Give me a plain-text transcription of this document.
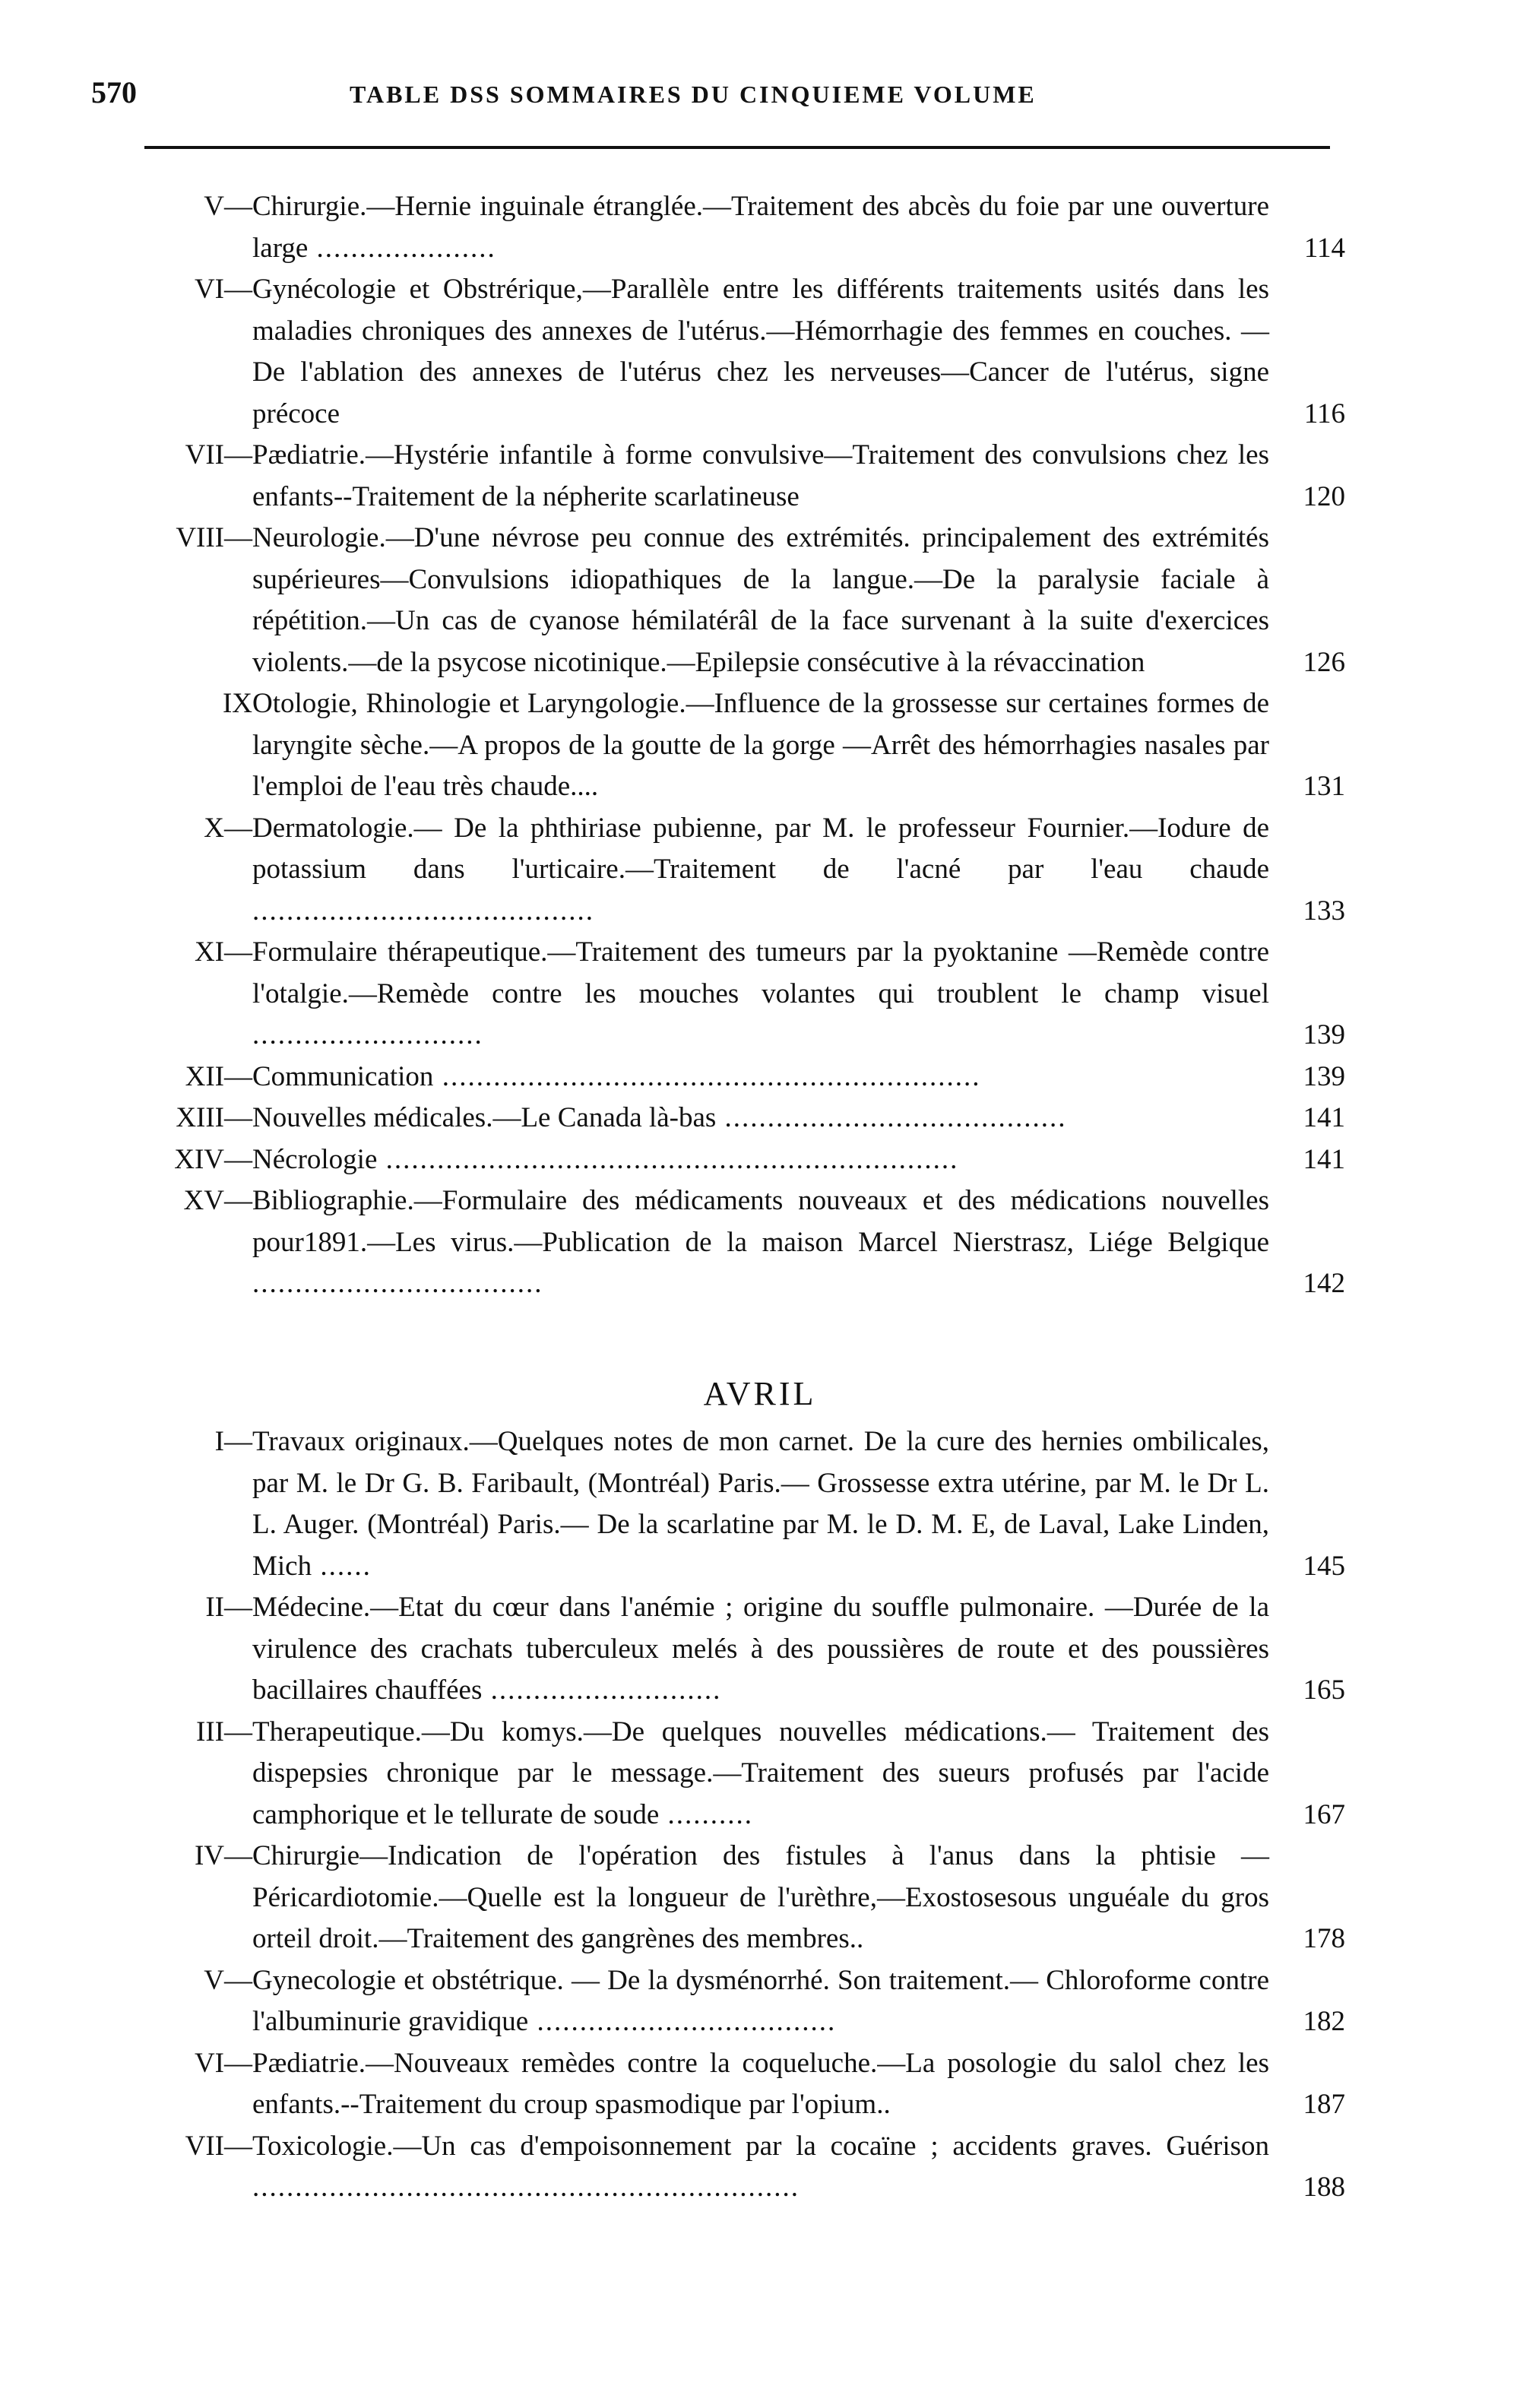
570	TABLE DSS SOMMAIRES DU CINQUIEME VOLUME
V— Chirurgie.—Hernie inguinale étranglée.—Traitement des abcès du foie par une ouverture large .....................	114
VI— Gynécologie et Obstrérique,—Parallèle entre les différents traitements usités dans les maladies chroniques des annexes de l'utérus.—Hémorrhagie des femmes en couches. — De l'ablation des annexes de l'utérus chez les nerveuses—Cancer de l'utérus, signe précoce	116
VII— Pædiatrie.—Hystérie infantile à forme convulsive—Traitement des convulsions chez les enfants--Traitement de la népherite scarlatineuse	120
VIII— Neurologie.—D'une névrose peu connue des extrémités. principalement des extrémités supérieures—Convulsions idiopathiques de la langue.—De la paralysie faciale à répétition.—Un cas de cyanose hémilatérâl de la face survenant à la suite d'exercices violents.—de la psycose nicotinique.—Epilepsie consécutive à la révaccination	126
IX Otologie, Rhinologie et Laryngologie.—Influence de la grossesse sur certaines formes de laryngite sèche.—A propos de la goutte de la gorge —Arrêt des hémorrhagies nasales par l'emploi de l'eau très chaude....	131
X— Dermatologie.— De la phthiriase pubienne, par M. le professeur Fournier.—Iodure de potassium dans l'urticaire.—Traitement de l'acné par l'eau chaude ........................................	133
XI— Formulaire thérapeutique.—Traitement des tumeurs par la pyoktanine —Remède contre l'otalgie.—Remède contre les mouches volantes qui troublent le champ visuel ...........................	139
XII— Communication ...............................................................	139
XIII— Nouvelles médicales.—Le Canada là-bas ........................................	141
XIV— Nécrologie ...................................................................	141
XV— Bibliographie.—Formulaire des médicaments nouveaux et des médications nouvelles pour1891.—Les virus.—Publication de la maison Marcel Nierstrasz, Liége Belgique ..................................	142
AVRIL
I— Travaux originaux.—Quelques notes de mon carnet. De la cure des hernies ombilicales, par M. le Dr G. B. Faribault, (Montréal) Paris.— Grossesse extra utérine, par M. le Dr L. L. Auger. (Montréal) Paris.— De la scarlatine par M. le D. M. E, de Laval, Lake Linden, Mich ......	145
II— Médecine.—Etat du cœur dans l'anémie ; origine du souffle pulmonaire. —Durée de la virulence des crachats tuberculeux melés à des poussières de route et des poussières bacillaires chauffées ...........................	165
III— Therapeutique.—Du komys.—De quelques nouvelles médications.— Traitement des dispepsies chronique par le message.—Traitement des sueurs profusés par l'acide camphorique et le tellurate de soude ..........	167
IV— Chirurgie—Indication de l'opération des fistules à l'anus dans la phtisie —Péricardiotomie.—Quelle est la longueur de l'urèthre,—Exostosesous unguéale du gros orteil droit.—Traitement des gangrènes des membres..	178
V— Gynecologie et obstétrique. — De la dysménorrhé. Son traitement.— Chloroforme contre l'albuminurie gravidique ...................................	182
VI— Pædiatrie.—Nouveaux remèdes contre la coqueluche.—La posologie du salol chez les enfants.--Traitement du croup spasmodique par l'opium..	187
VII— Toxicologie.—Un cas d'empoisonnement par la cocaïne ; accidents graves. Guérison ................................................................	188
